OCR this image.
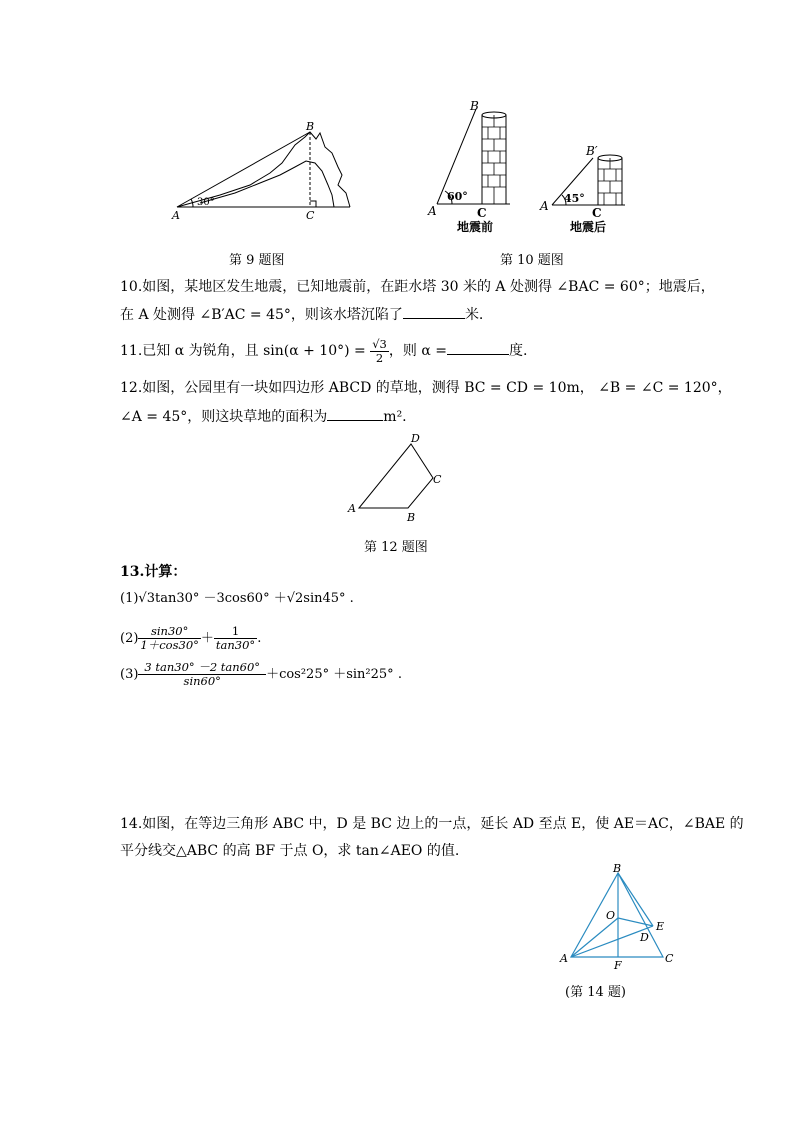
B
A	C
30°
第 9 题图
B
A	C
60°
地震前
B′
A	C
45°
地震后
第 10 题图
10.如图，某地区发生地震，已知地震前，在距水塔 30 米的 A 处测得 ∠BAC = 60°；地震后，
在 A 处测得 ∠B′AC = 45°，则该水塔沉陷了	米.
11.已知 α 为锐角，且 $\sin(\alpha + 10^\circ) = \frac{√3}{2}$ ，则 α =	度.
12.如图，公园里有一块如四边形 ABCD 的草地，测得 BC = CD = 10m， ∠B = ∠C = 120°，
∠A = 45°，则这块草地的面积为	m².
A
B
C
D
第 12 题图
13.计算：
(1)√3tan30° －3cos60° ＋√2sin45° .
$(2) \frac{\sin 30^\circ}{1+\cos 30^\circ} + \frac{1}{\tan 30^\circ}$ .
$(3) \frac{3 \tan 30^\circ -2 \tan 60^\circ}{\sin 60^\circ} +\cos^225^\circ +\sin^225^\circ$ .
14.如图，在等边三角形 ABC 中，D 是 BC 边上的一点，延长 AD 至点 E，使 AE＝AC，∠BAE 的
平分线交△ABC 的高 BF 于点 O，求 tan∠AEO 的值.
B
A	C
F
O
E
D
(第 14 题)
